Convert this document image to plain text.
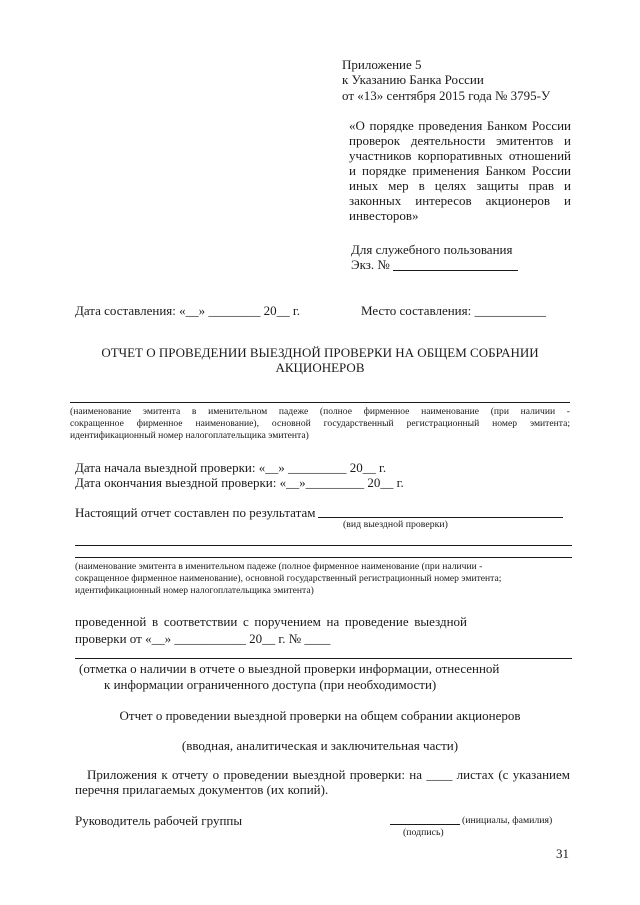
Приложение 5
к Указанию Банка России
от «13» сентября 2015 года № 3795-У
«О порядке проведения Банком России
проверок деятельности эмитентов и
участников корпоративных отношений
и порядке применения Банком России
иных мер в целях защиты прав и
законных интересов акционеров и
инвесторов»
Для служебного пользования
Экз. №
Дата составления: «__» ________ 20__ г.	Место составления: ___________
ОТЧЕТ О ПРОВЕДЕНИИ ВЫЕЗДНОЙ ПРОВЕРКИ НА ОБЩЕМ СОБРАНИИ
АКЦИОНЕРОВ
(наименование эмитента в именительном падеже (полное фирменное наименование (при наличии -
сокращенное фирменное наименование), основной государственный регистрационный номер эмитента;
идентификационный номер налогоплательщика эмитента)
Дата начала выездной проверки: «__» _________ 20__ г.
Дата окончания выездной проверки: «__»_________ 20__ г.
Настоящий отчет составлен по результатам
(вид выездной проверки)
(наименование эмитента в именительном падеже (полное фирменное наименование (при наличии -
сокращенное фирменное наименование), основной государственный регистрационный номер эмитента;
идентификационный номер налогоплательщика эмитента)
проведенной в соответствии с поручением на проведение выездной
проверки от «__» ___________ 20__ г. № ____
(отметка о наличии в отчете о выездной проверки информации, отнесенной
к информации ограниченного доступа (при необходимости)
Отчет о проведении выездной проверки на общем собрании акционеров
(вводная, аналитическая и заключительная части)
Приложения к отчету о проведении выездной проверки: на ____ листах (с указанием
перечня прилагаемых документов (их копий).
Руководитель рабочей группы	(инициалы, фамилия)
(подпись)
31
